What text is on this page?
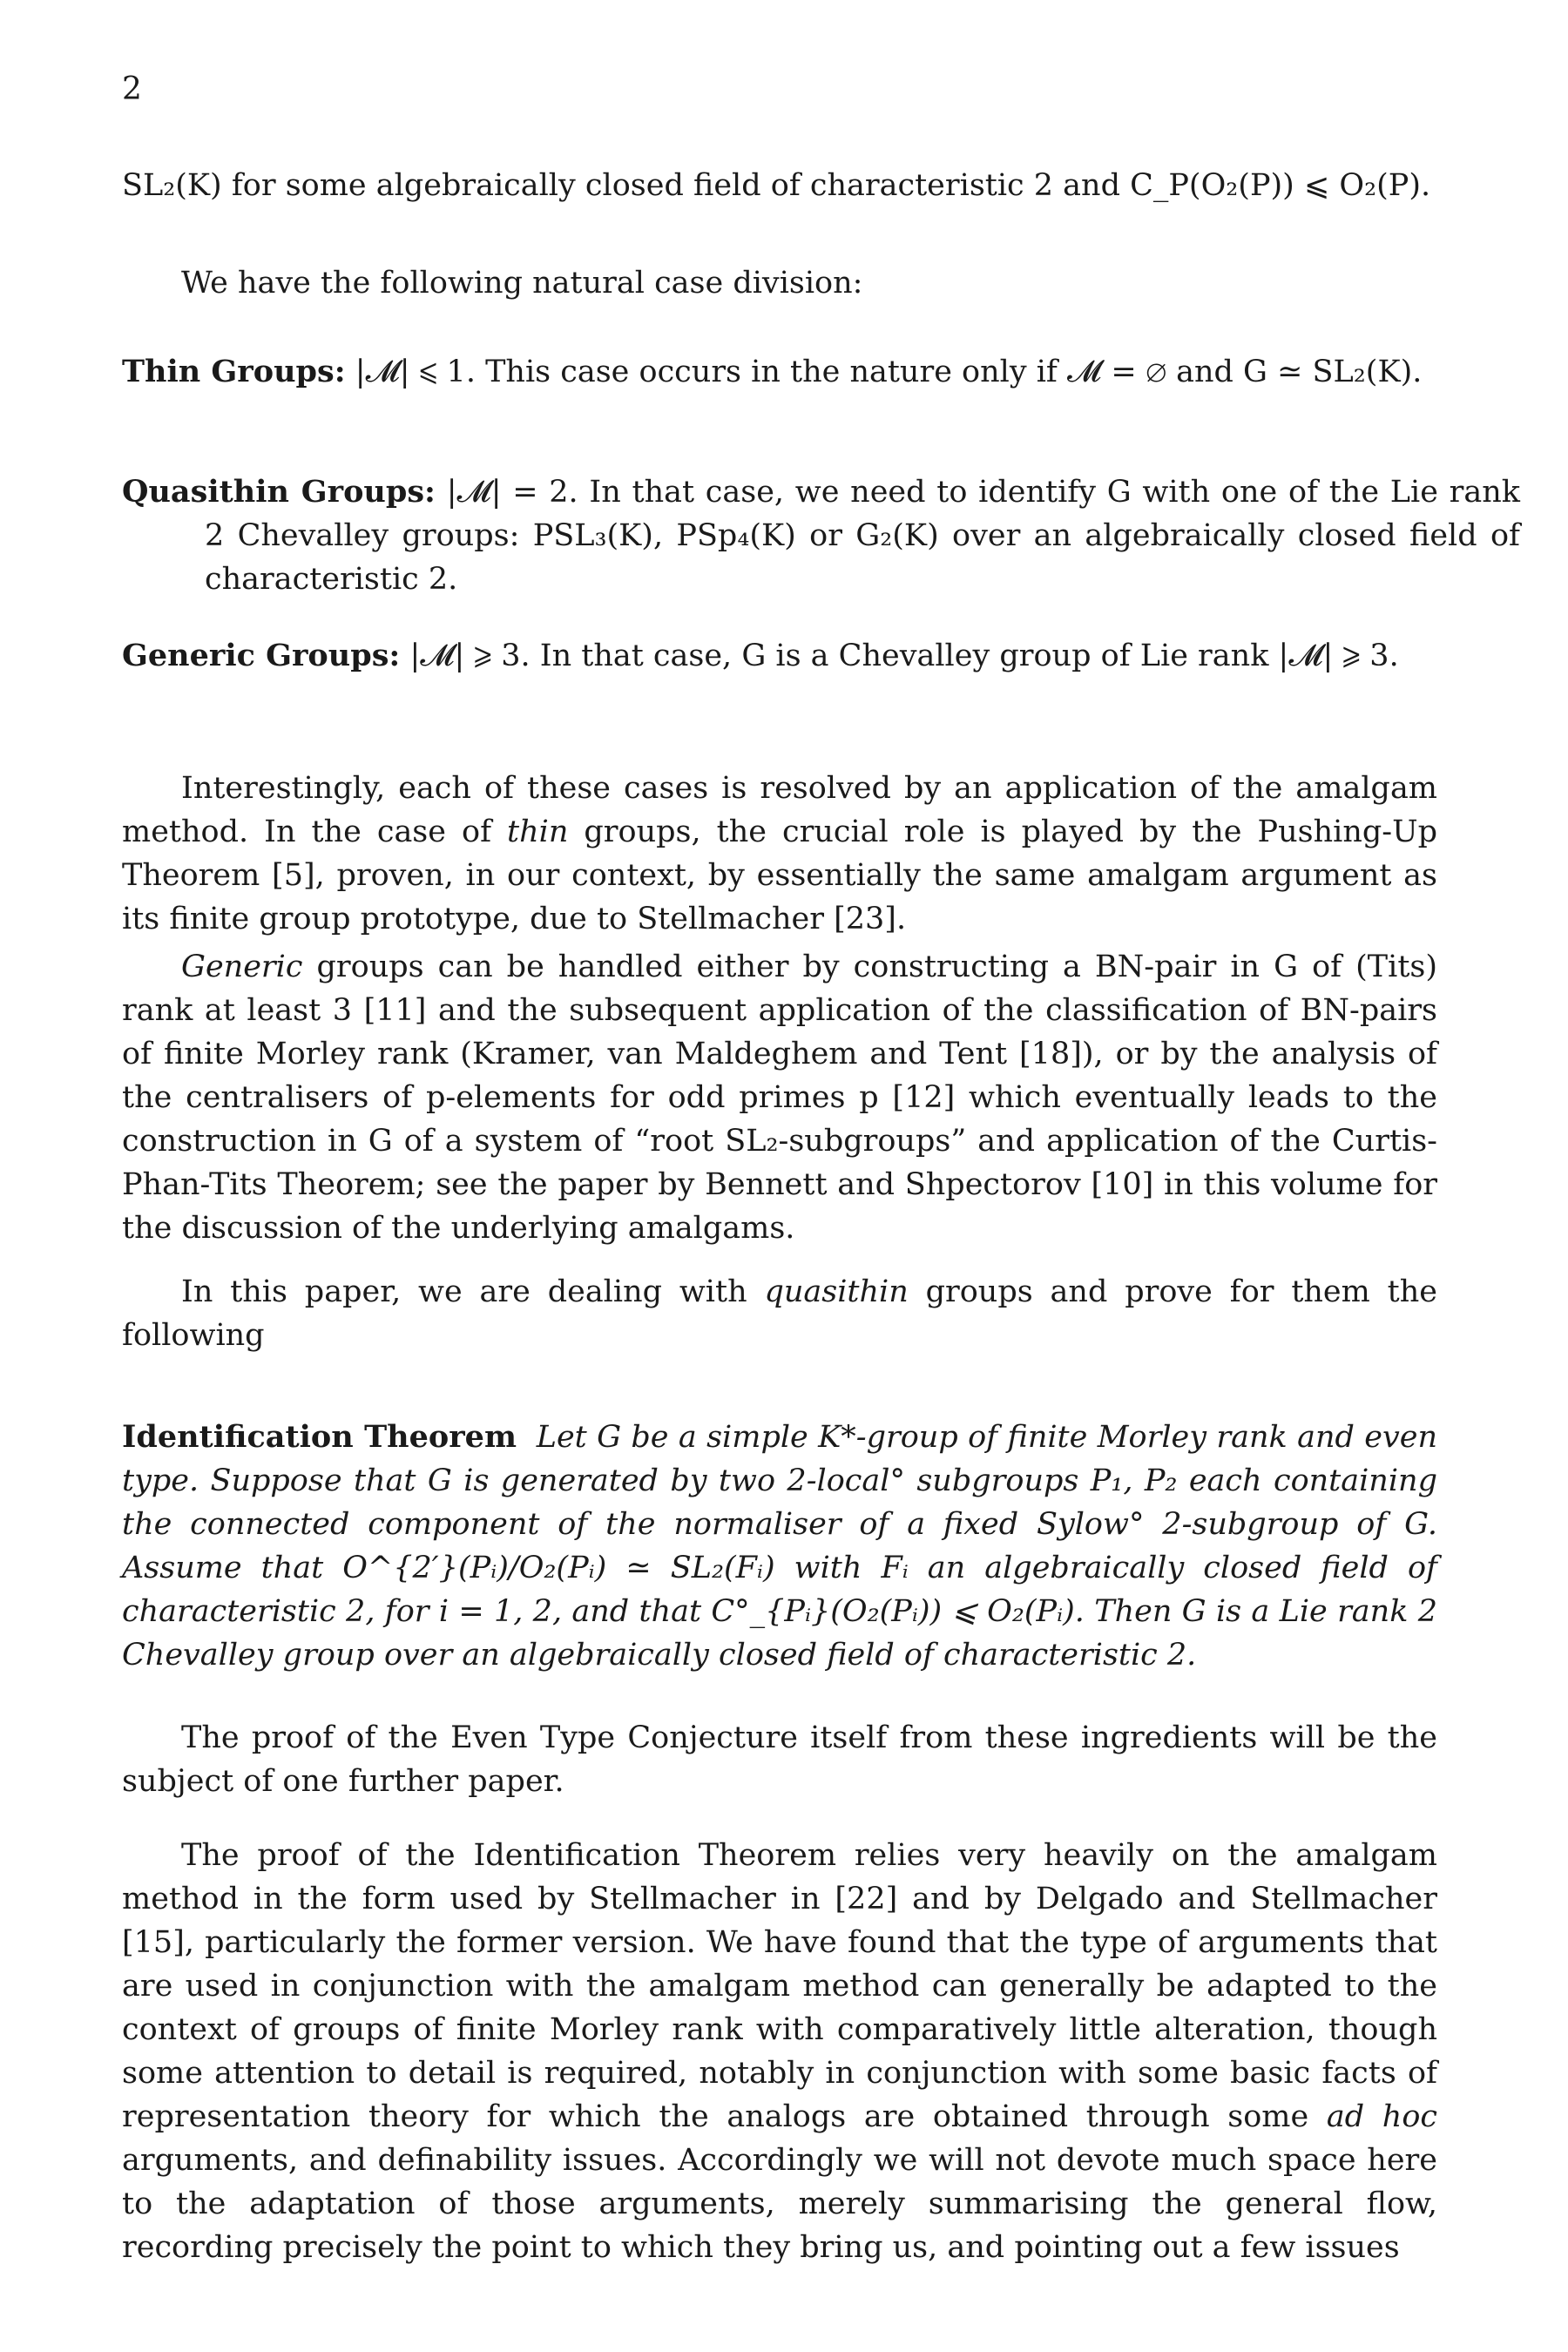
2

SL₂(K) for some algebraically closed field of characteristic 2 and C_P(O₂(P)) ⩽ O₂(P).

We have the following natural case division:

Thin Groups: |𝓜| ⩽ 1. This case occurs in the nature only if 𝓜 = ∅ and G ≃ SL₂(K).

Quasithin Groups: |𝓜| = 2. In that case, we need to identify G with one of the Lie rank 2 Chevalley groups: PSL₃(K), PSp₄(K) or G₂(K) over an algebraically closed field of characteristic 2.

Generic Groups: |𝓜| ⩾ 3. In that case, G is a Chevalley group of Lie rank |𝓜| ⩾ 3.

Interestingly, each of these cases is resolved by an application of the amalgam method. In the case of thin groups, the crucial role is played by the Pushing-Up Theorem [5], proven, in our context, by essentially the same amalgam argument as its finite group prototype, due to Stellmacher [23].

Generic groups can be handled either by constructing a BN-pair in G of (Tits) rank at least 3 [11] and the subsequent application of the classification of BN-pairs of finite Morley rank (Kramer, van Maldeghem and Tent [18]), or by the analysis of the centralisers of p-elements for odd primes p [12] which eventually leads to the construction in G of a system of “root SL₂-subgroups” and application of the Curtis-Phan-Tits Theorem; see the paper by Bennett and Shpectorov [10] in this volume for the discussion of the underlying amalgams.

In this paper, we are dealing with quasithin groups and prove for them the following

Identification Theorem Let G be a simple K*-group of finite Morley rank and even type. Suppose that G is generated by two 2-local° subgroups P₁, P₂ each containing the connected component of the normaliser of a fixed Sylow° 2-subgroup of G. Assume that O^{2′}(Pᵢ)/O₂(Pᵢ) ≃ SL₂(Fᵢ) with Fᵢ an algebraically closed field of characteristic 2, for i = 1, 2, and that C°_{Pᵢ}(O₂(Pᵢ)) ⩽ O₂(Pᵢ). Then G is a Lie rank 2 Chevalley group over an algebraically closed field of characteristic 2.

The proof of the Even Type Conjecture itself from these ingredients will be the subject of one further paper.

The proof of the Identification Theorem relies very heavily on the amalgam method in the form used by Stellmacher in [22] and by Delgado and Stellmacher [15], particularly the former version. We have found that the type of arguments that are used in conjunction with the amalgam method can generally be adapted to the context of groups of finite Morley rank with comparatively little alteration, though some attention to detail is required, notably in conjunction with some basic facts of representation theory for which the analogs are obtained through some ad hoc arguments, and definability issues. Accordingly we will not devote much space here to the adaptation of those arguments, merely summarising the general flow, recording precisely the point to which they bring us, and pointing out a few issues
